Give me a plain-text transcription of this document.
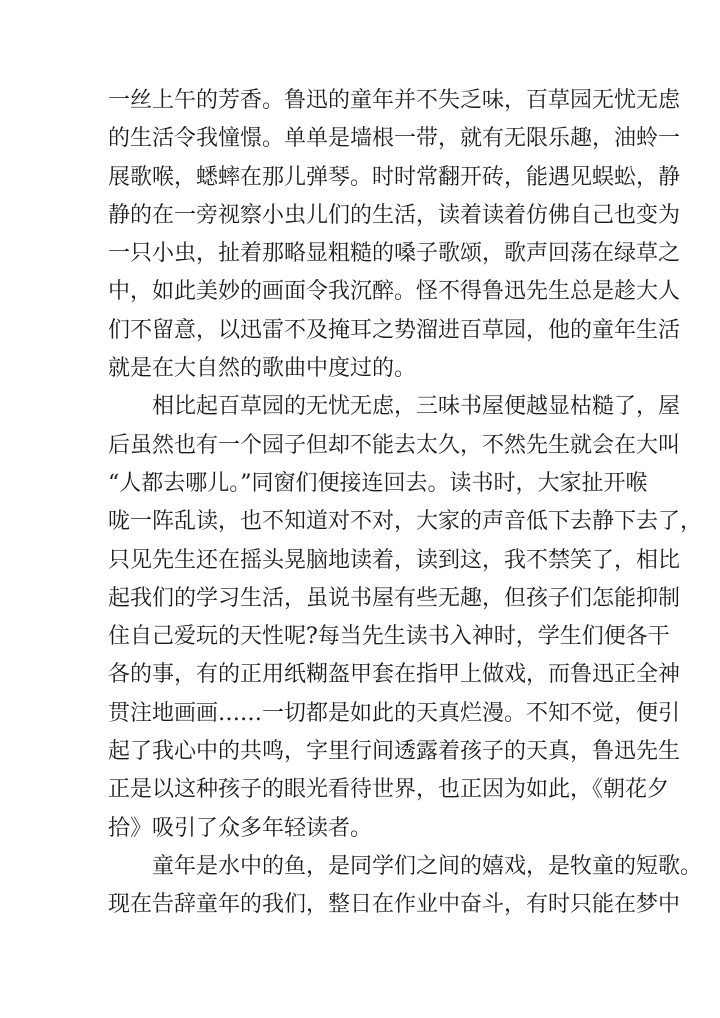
一丝上午的芳香。鲁迅的童年并不失乏味，百草园无忧无虑
的生活令我憧憬。单单是墙根一带，就有无限乐趣，油蛉一
展歌喉，蟋蟀在那儿弹琴。时时常翻开砖，能遇见蜈蚣，静
静的在一旁视察小虫儿们的生活，读着读着仿佛自己也变为
一只小虫，扯着那略显粗糙的嗓子歌颂，歌声回荡在绿草之
中，如此美妙的画面令我沉醉。怪不得鲁迅先生总是趁大人
们不留意，以迅雷不及掩耳之势溜进百草园，他的童年生活
就是在大自然的歌曲中度过的。
　　相比起百草园的无忧无虑，三味书屋便越显枯糙了，屋
后虽然也有一个园子但却不能去太久，不然先生就会在大叫
“人都去哪儿。”同窗们便接连回去。读书时，大家扯开喉
咙一阵乱读，也不知道对不对，大家的声音低下去静下去了，
只见先生还在摇头晃脑地读着，读到这，我不禁笑了，相比
起我们的学习生活，虽说书屋有些无趣，但孩子们怎能抑制
住自己爱玩的天性呢?每当先生读书入神时，学生们便各干
各的事，有的正用纸糊盔甲套在指甲上做戏，而鲁迅正全神
贯注地画画……一切都是如此的天真烂漫。不知不觉，便引
起了我心中的共鸣，字里行间透露着孩子的天真，鲁迅先生
正是以这种孩子的眼光看待世界，也正因为如此，《朝花夕
拾》吸引了众多年轻读者。
　　童年是水中的鱼，是同学们之间的嬉戏，是牧童的短歌。
现在告辞童年的我们，整日在作业中奋斗，有时只能在梦中
